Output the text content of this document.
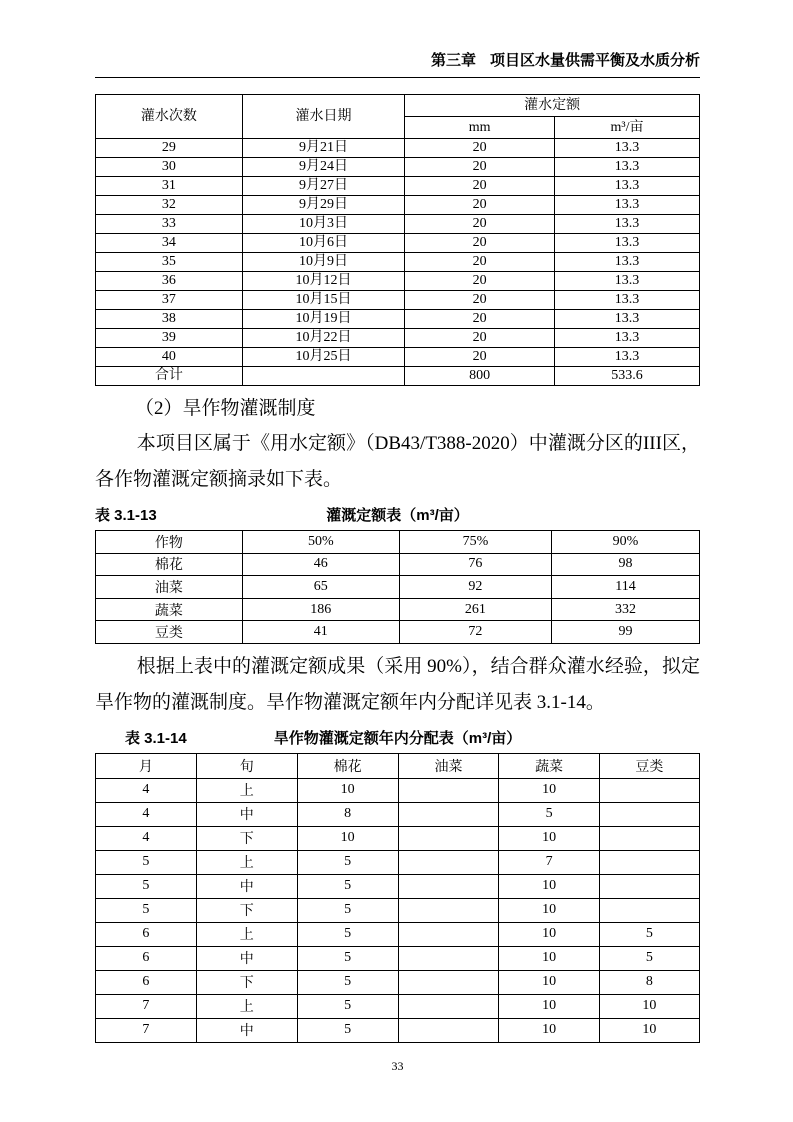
第三章 项目区水量供需平衡及水质分析
灌水次数	灌水日期	灌水定额	
		mm	m³/亩
29	9月21日	20	13.3
30	9月24日	20	13.3
31	9月27日	20	13.3
32	9月29日	20	13.3
33	10月3日	20	13.3
34	10月6日	20	13.3
35	10月9日	20	13.3
36	10月12日	20	13.3
37	10月15日	20	13.3
38	10月19日	20	13.3
39	10月22日	20	13.3
40	10月25日	20	13.3
合计		800	533.6

（2）旱作物灌溉制度

本项目区属于《用水定额》（DB43/T388-2020）中灌溉分区的III区，各作物灌溉定额摘录如下表。

表 3.1-13	灌溉定额表（m³/亩）
作物	50%	75%	90%
棉花	46	76	98
油菜	65	92	114
蔬菜	186	261	332
豆类	41	72	99

根据上表中的灌溉定额成果（采用 90%），结合群众灌水经验，拟定旱作物的灌溉制度。旱作物灌溉定额年内分配详见表 3.1-14。

表 3.1-14	旱作物灌溉定额年内分配表（m³/亩）
月	旬	棉花	油菜	蔬菜	豆类
4	上	10		10	
4	中	8		5	
4	下	10		10	
5	上	5		7	
5	中	5		10	
5	下	5		10	
6	上	5		10	5
6	中	5		10	5
6	下	5		10	8
7	上	5		10	10
7	中	5		10	10
33
